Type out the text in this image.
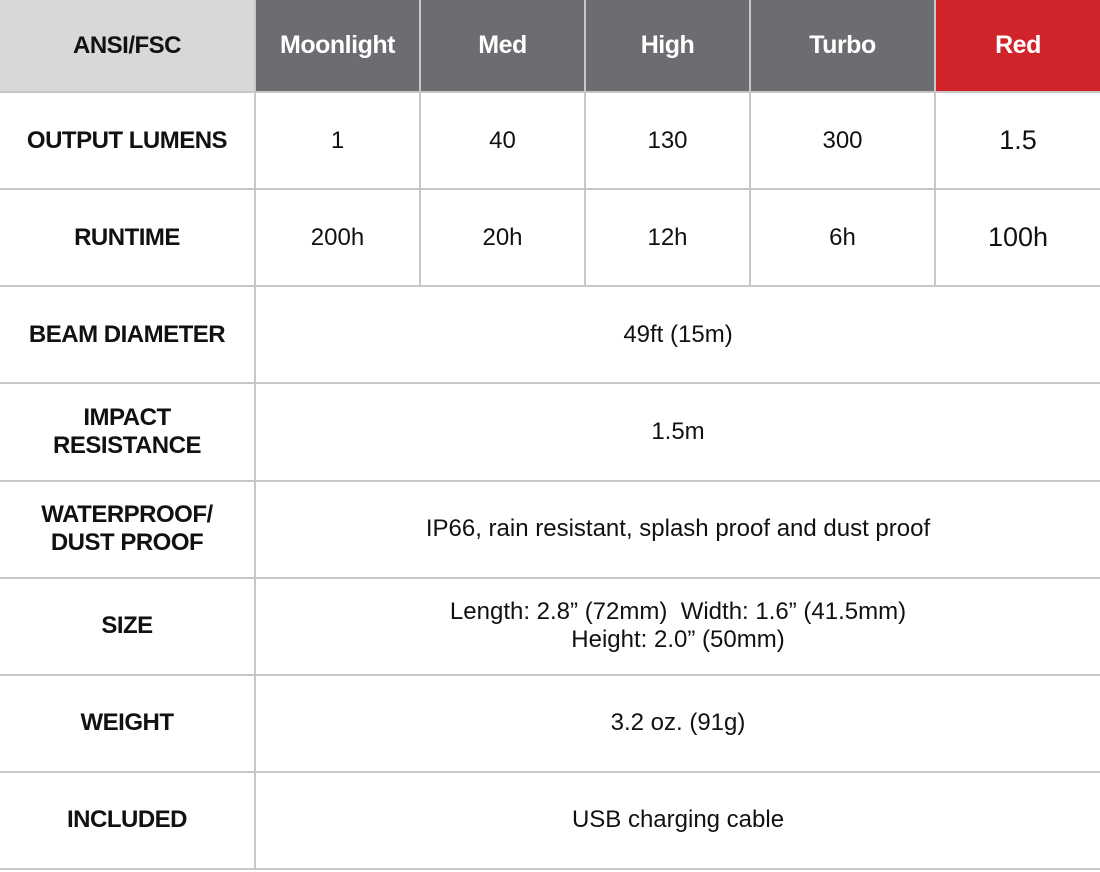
ANSI/FSC	Moonlight	Med	High	Turbo	Red
OUTPUT LUMENS	1	40	130	300	1.5
RUNTIME	200h	20h	12h	6h	100h
BEAM DIAMETER	49ft (15m)				

IMPACT
RESISTANCE	1.5m				

WATERPROOF/
DUST PROOF	IP66, rain resistant, splash proof and dust proof				
SIZE	Length: 2.8” (72mm)  Width: 1.6” (41.5mm)
Height: 2.0” (50mm)				

WEIGHT	3.2 oz. (91g)				
INCLUDED	USB charging cable				
